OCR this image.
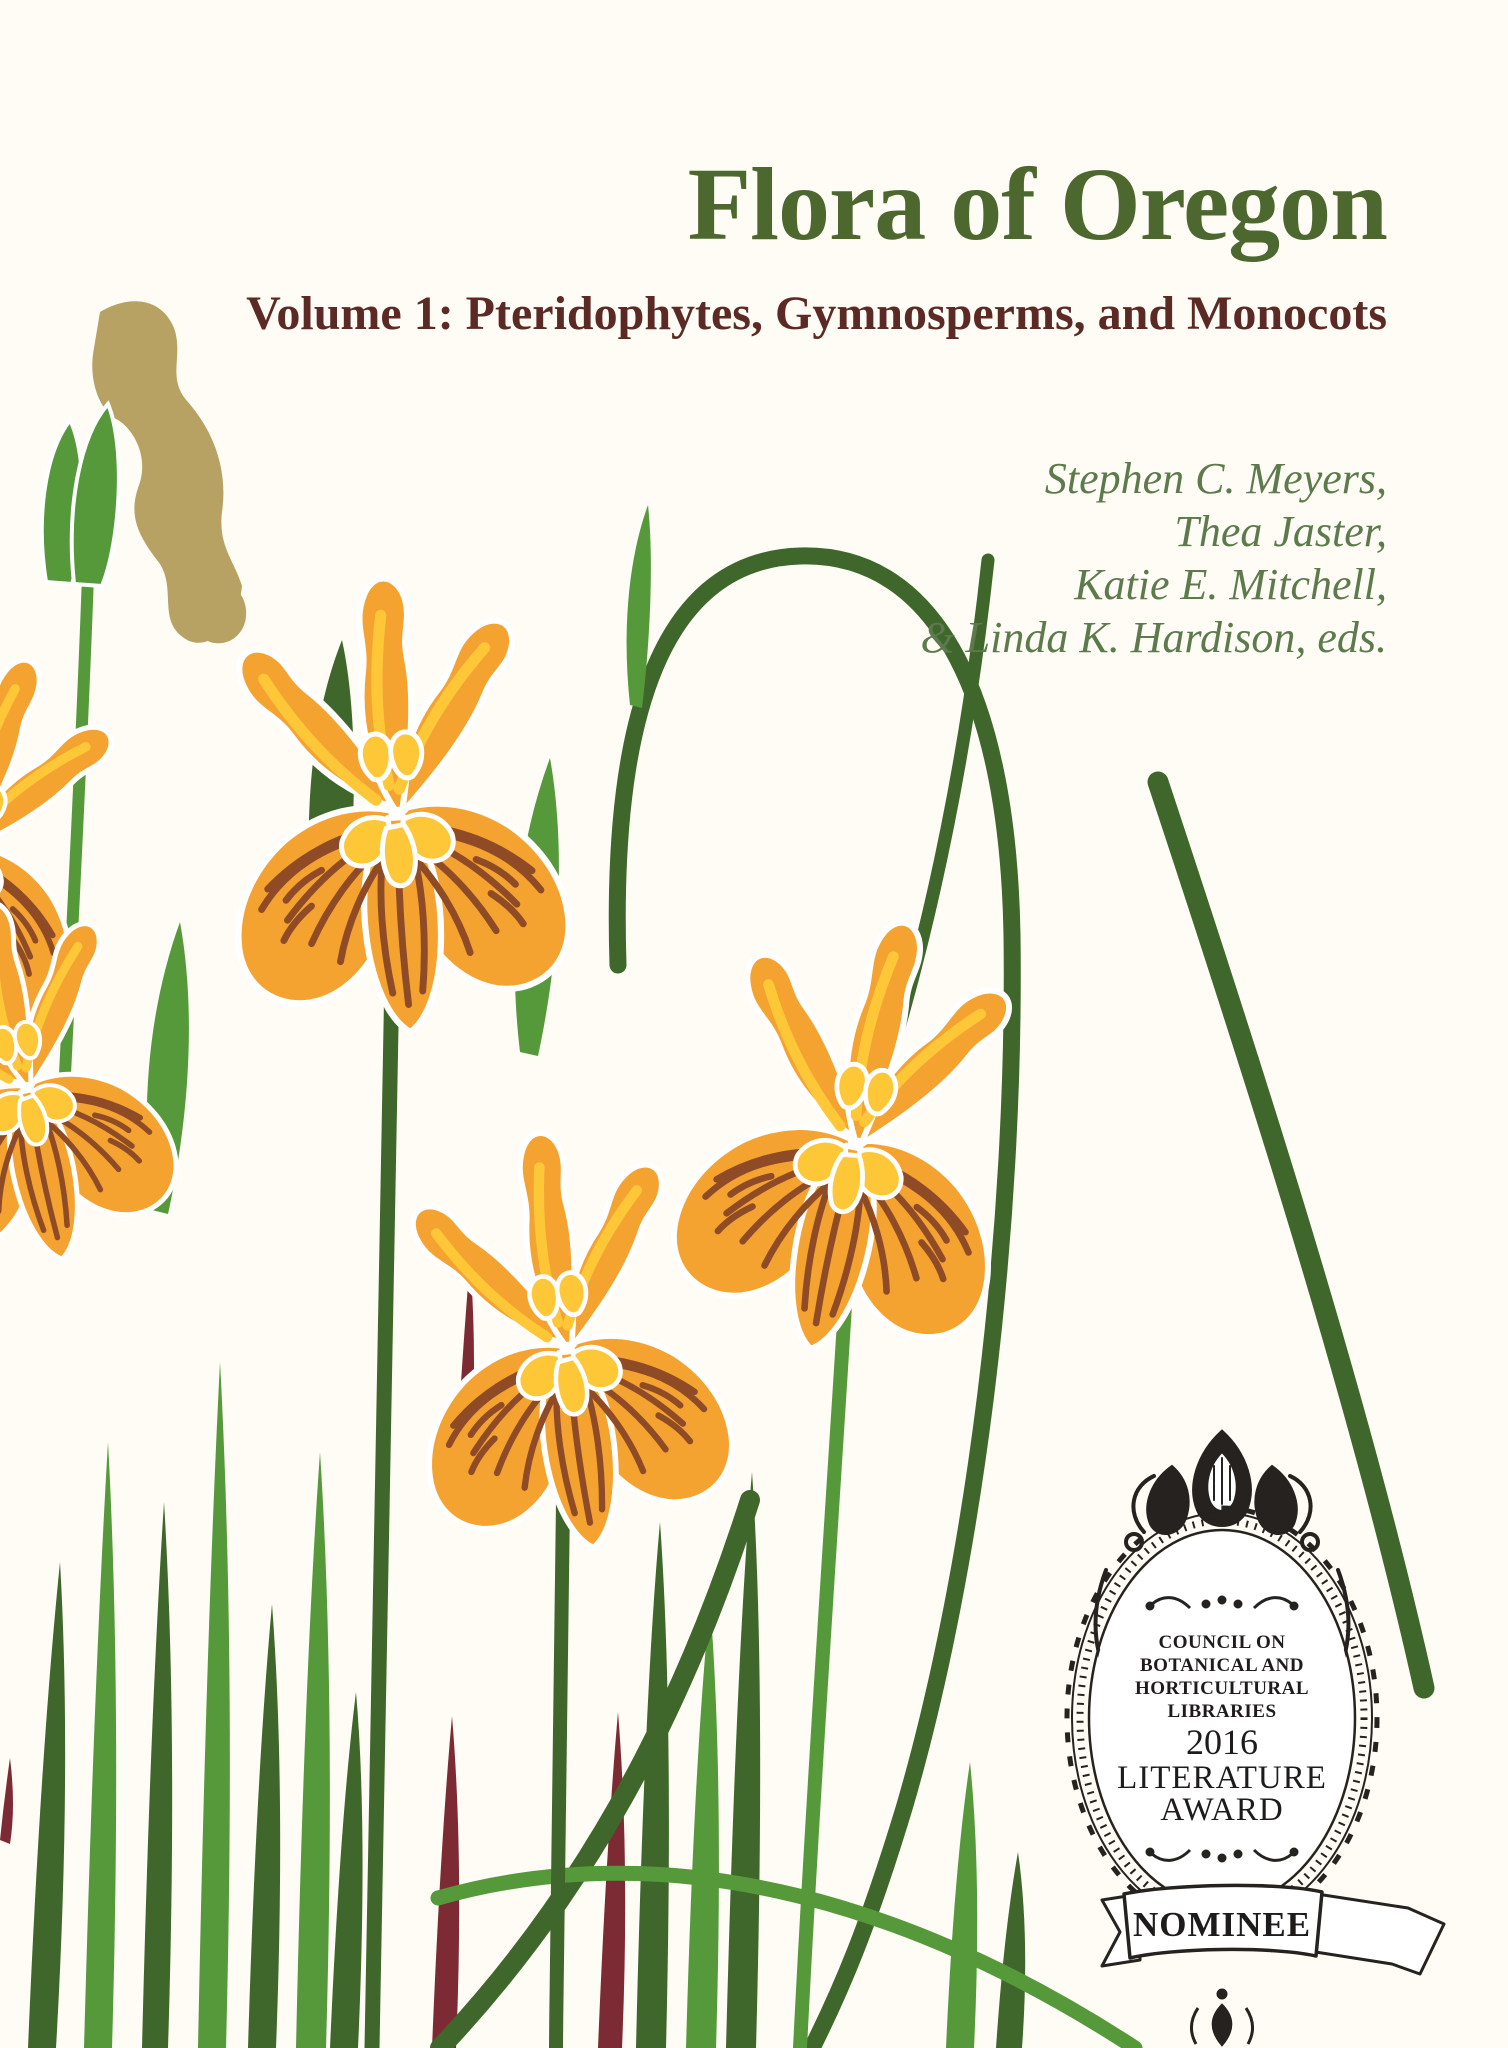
Flora of Oregon
Volume 1: Pteridophytes, Gymnosperms, and Monocots
Stephen C. Meyers,
Thea Jaster,
Katie E. Mitchell,
& Linda K. Hardison, eds.
COUNCIL ON
BOTANICAL AND
HORTICULTURAL
LIBRARIES
2016
LITERATURE
AWARD
NOMINEE
